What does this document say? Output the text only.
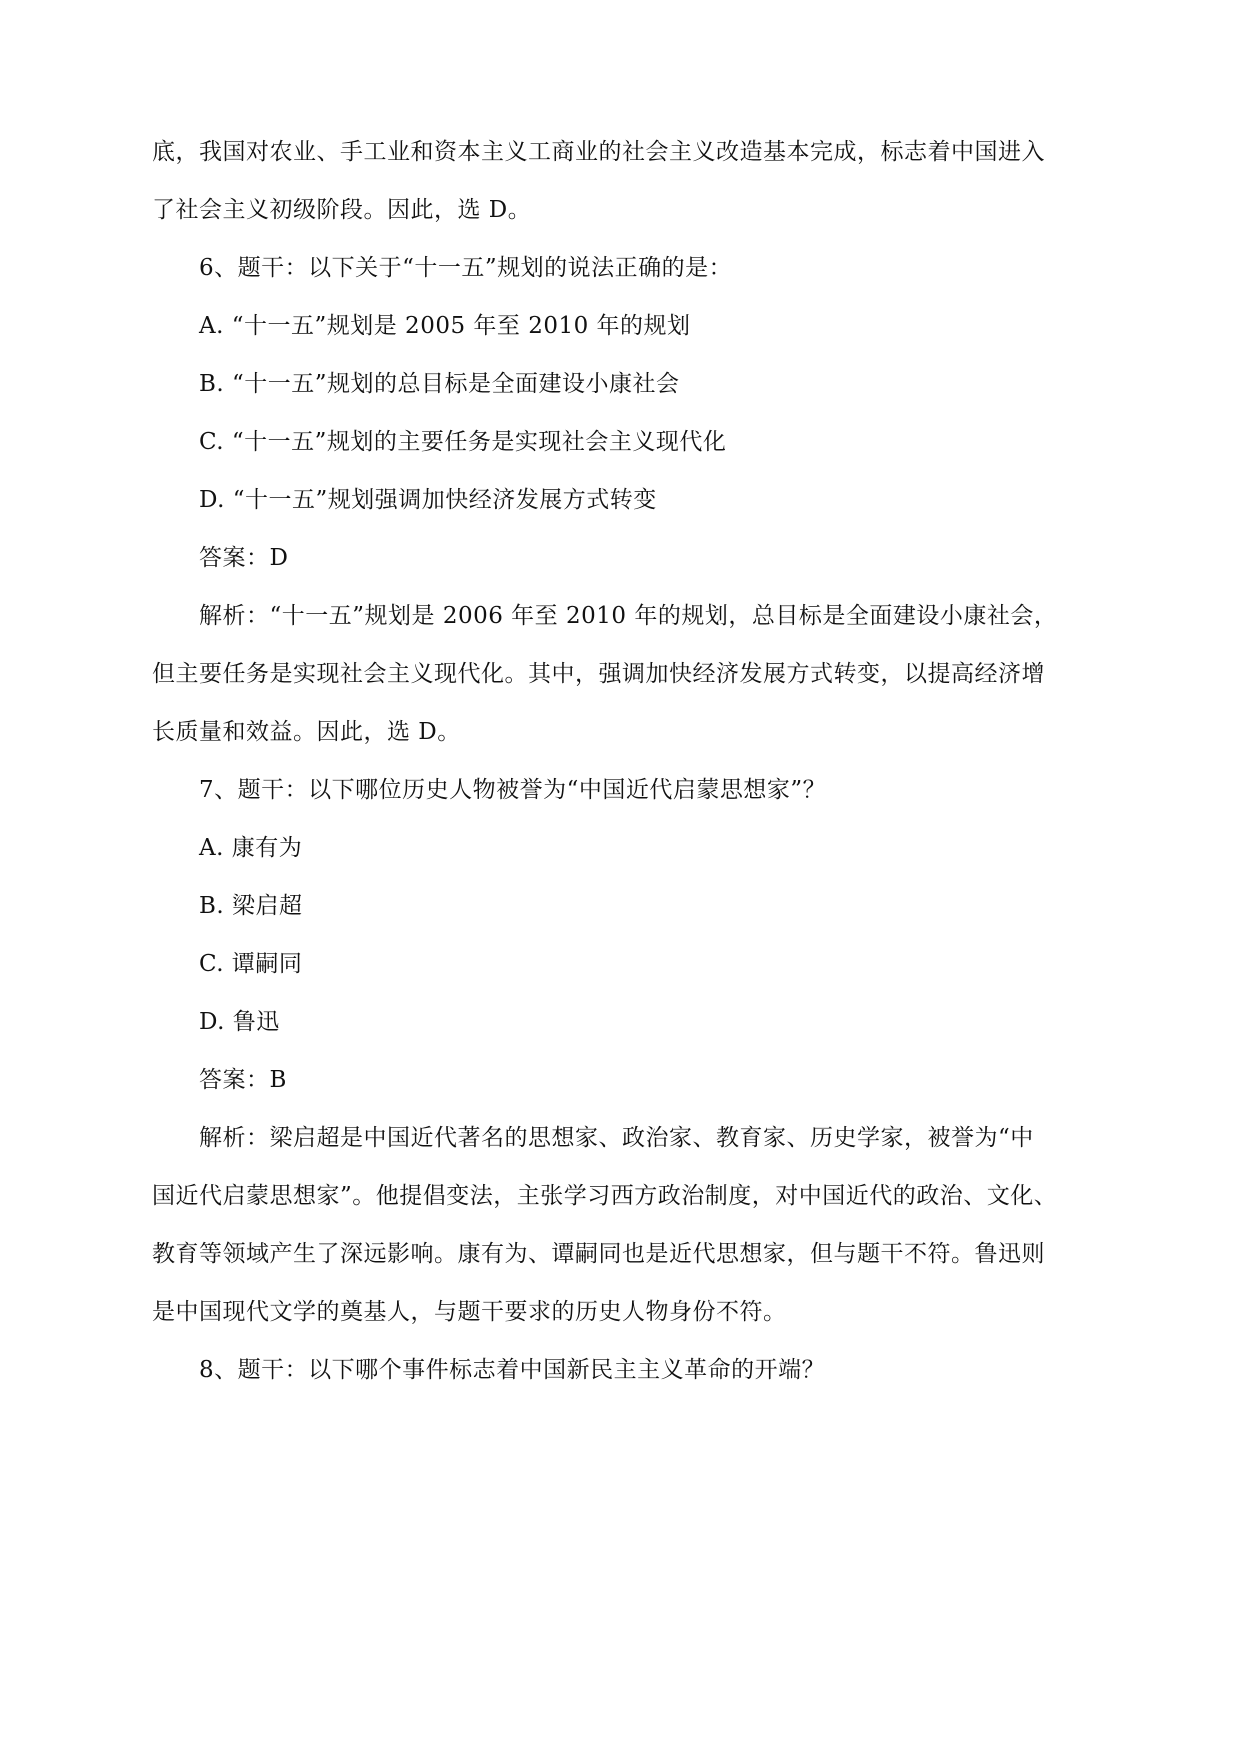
底，我国对农业、手工业和资本主义工商业的社会主义改造基本完成，标志着中国进入
了社会主义初级阶段。因此，选 D。
6、题干：以下关于“十一五”规划的说法正确的是：
A. “十一五”规划是 2005 年至 2010 年的规划
B. “十一五”规划的总目标是全面建设小康社会
C. “十一五”规划的主要任务是实现社会主义现代化
D. “十一五”规划强调加快经济发展方式转变
答案：D
解析：“十一五”规划是 2006 年至 2010 年的规划，总目标是全面建设小康社会，
但主要任务是实现社会主义现代化。其中，强调加快经济发展方式转变，以提高经济增
长质量和效益。因此，选 D。
7、题干：以下哪位历史人物被誉为“中国近代启蒙思想家”？
A. 康有为
B. 梁启超
C. 谭嗣同
D. 鲁迅
答案：B
解析：梁启超是中国近代著名的思想家、政治家、教育家、历史学家，被誉为“中
国近代启蒙思想家”。他提倡变法，主张学习西方政治制度，对中国近代的政治、文化、
教育等领域产生了深远影响。康有为、谭嗣同也是近代思想家，但与题干不符。鲁迅则
是中国现代文学的奠基人，与题干要求的历史人物身份不符。
8、题干：以下哪个事件标志着中国新民主主义革命的开端？
